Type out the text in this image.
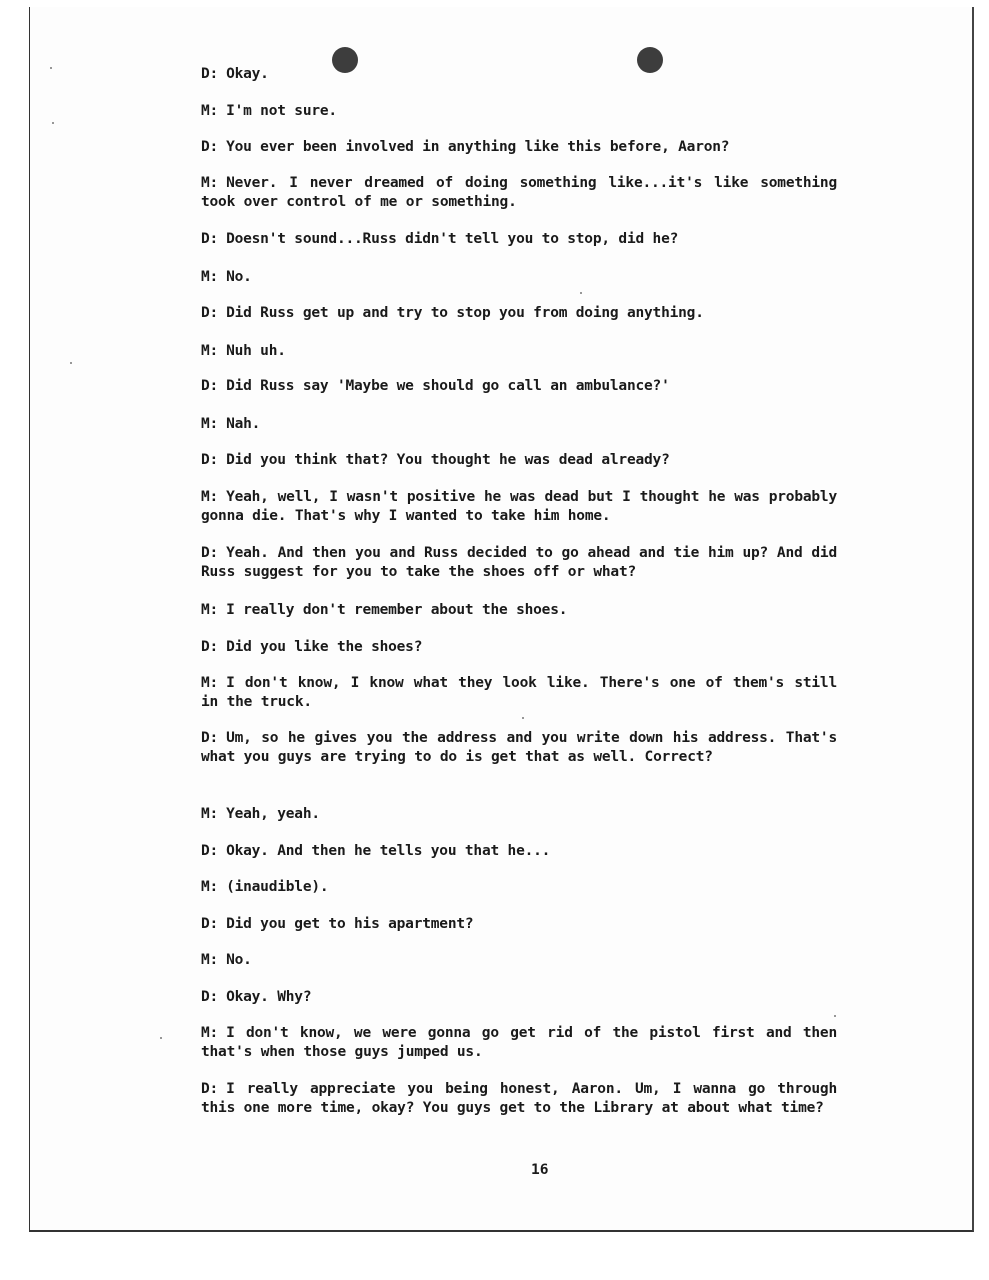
D: Okay.

M: I'm not sure.

D: You ever been involved in anything like this before, Aaron?

M: Never. I never dreamed of doing something like...it's like something took over control of me or something.

D: Doesn't sound...Russ didn't tell you to stop, did he?

M: No.

D: Did Russ get up and try to stop you from doing anything.

M: Nuh uh.

D: Did Russ say 'Maybe we should go call an ambulance?'

M: Nah.

D: Did you think that? You thought he was dead already?

M: Yeah, well, I wasn't positive he was dead but I thought he was probably gonna die. That's why I wanted to take him home.

D: Yeah. And then you and Russ decided to go ahead and tie him up? And did Russ suggest for you to take the shoes off or what?

M: I really don't remember about the shoes.

D: Did you like the shoes?

M: I don't know, I know what they look like. There's one of them's still in the truck.

D: Um, so he gives you the address and you write down his address. That's what you guys are trying to do is get that as well. Correct?

M: Yeah, yeah.

D: Okay. And then he tells you that he...

M: (inaudible).

D: Did you get to his apartment?

M: No.

D: Okay. Why?

M: I don't know, we were gonna go get rid of the pistol first and then that's when those guys jumped us.

D: I really appreciate you being honest, Aaron. Um, I wanna go through this one more time, okay? You guys get to the Library at about what time?

16
